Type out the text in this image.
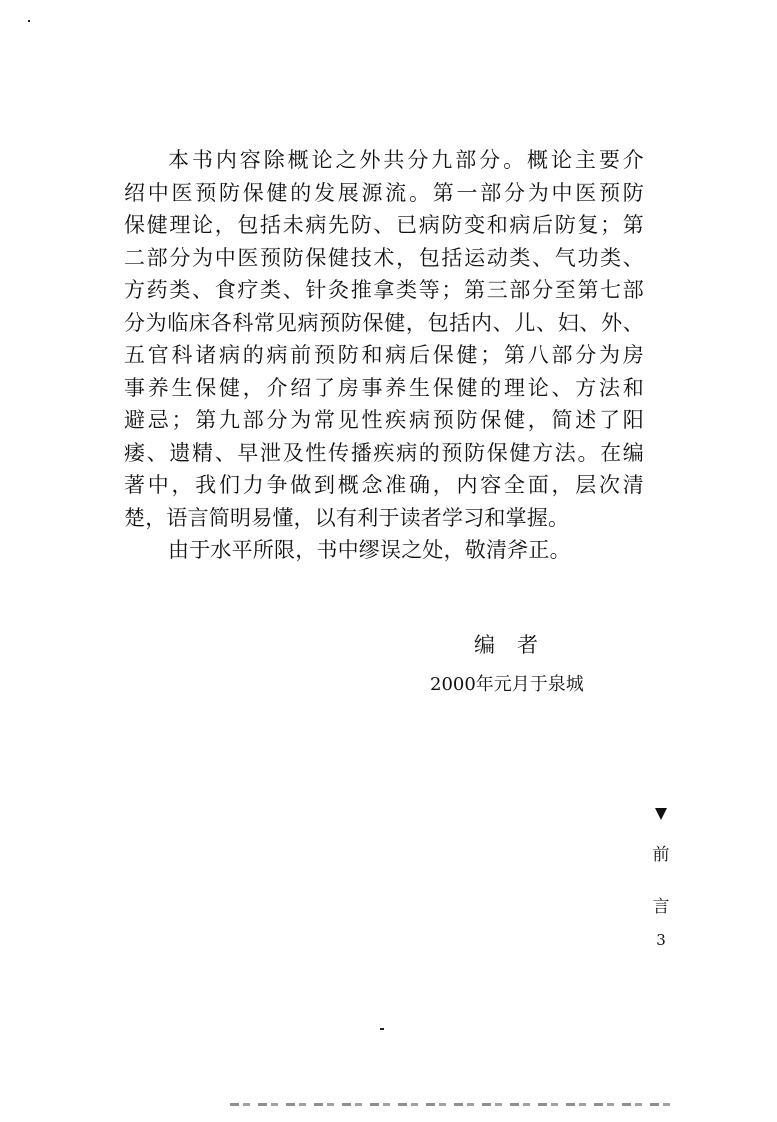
本书内容除概论之外共分九部分。概论主要介
绍中医预防保健的发展源流。第一部分为中医预防
保健理论，包括未病先防、已病防变和病后防复；第
二部分为中医预防保健技术，包括运动类、气功类、
方药类、食疗类、针灸推拿类等；第三部分至第七部
分为临床各科常见病预防保健，包括内、儿、妇、外、
五官科诸病的病前预防和病后保健；第八部分为房
事养生保健，介绍了房事养生保健的理论、方法和
避忌；第九部分为常见性疾病预防保健，简述了阳
痿、遗精、早泄及性传播疾病的预防保健方法。在编
著中，我们力争做到概念准确，内容全面，层次清
楚，语言简明易懂，以有利于读者学习和掌握。
由于水平所限，书中缪误之处，敬清斧正。
编者
2000年元月于泉城
前
言
3
